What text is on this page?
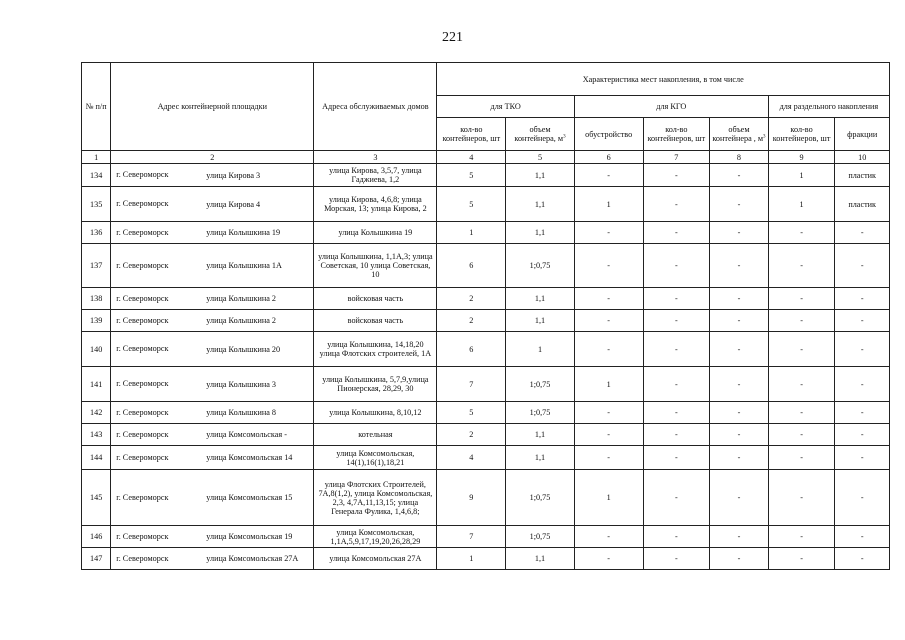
221
№ п/п	Адрес контейнерной площадки	Адреса обслуживаемых домов	Характеристика мест накопления, в том числе						
			для ТКО		для КГО			для раздельного накопления	
			кол-во контейнеров, шт	объем контейнера, $м^3$	обустройство	кол-во контейнеров, шт	объем контейнера , $м^3$	кол-во контейнеров, шт	фракции
1	2	3	4	5	6	7	8	9	10
134	г. Североморск улица Кирова 3	улица Кирова, 3,5,7, улица Гаджиева, 1,2	5	1,1	-	-	-	1	пластик
135	г. Североморск улица Кирова 4	улица Кирова, 4,6,8; улица Морская, 13; улица Кирова, 2	5	1,1	1	-	-	1	пластик
136	г. Североморск улица Колышкина 19	улица Колышкина 19	1	1,1	-	-	-	-	-
137	г. Североморск улица Колышкина 1А	улица Колышкина, 1,1А,3; улица Советская, 10 улица Советская, 10	6	1;0,75	-	-	-	-	-
138	г. Североморск улица Колышкина 2	войсковая часть	2	1,1	-	-	-	-	-
139	г. Североморск улица Колышкина 2	войсковая часть	2	1,1	-	-	-	-	-
140	г. Североморск улица Колышкина 20	улица Колышкина, 14,18,20 улица Флотских строителей, 1А	6	1	-	-	-	-	-
141	г. Североморск улица Колышкина 3	улица Колышкина, 5,7,9,улица Пионерская, 28,29, 30	7	1;0,75	1	-	-	-	-
142	г. Североморск улица Колышкина 8	улица Колышкина, 8,10,12	5	1;0,75	-	-	-	-	-
143	г. Североморск улица Комсомольская -	котельная	2	1,1	-	-	-	-	-
144	г. Североморск улица Комсомольская 14	улица Комсомольская, 14(1),16(1),18,21	4	1,1	-	-	-	-	-
145	г. Североморск улица Комсомольская 15	улица Флотских Строителей, 7А,8(1,2), улица Комсомольская, 2,3, 4,7А,11,13,15; улица Генерала Фулика, 1,4,6,8;	9	1;0,75	1	-	-	-	-
146	г. Североморск улица Комсомольская 19	улица Комсомольская, 1,1А,5,9,17,19,20,26,28,29	7	1;0,75	-	-	-	-	-
147	г. Североморск улица Комсомольская 27А	улица Комсомольская 27А	1	1,1	-	-	-	-	-
